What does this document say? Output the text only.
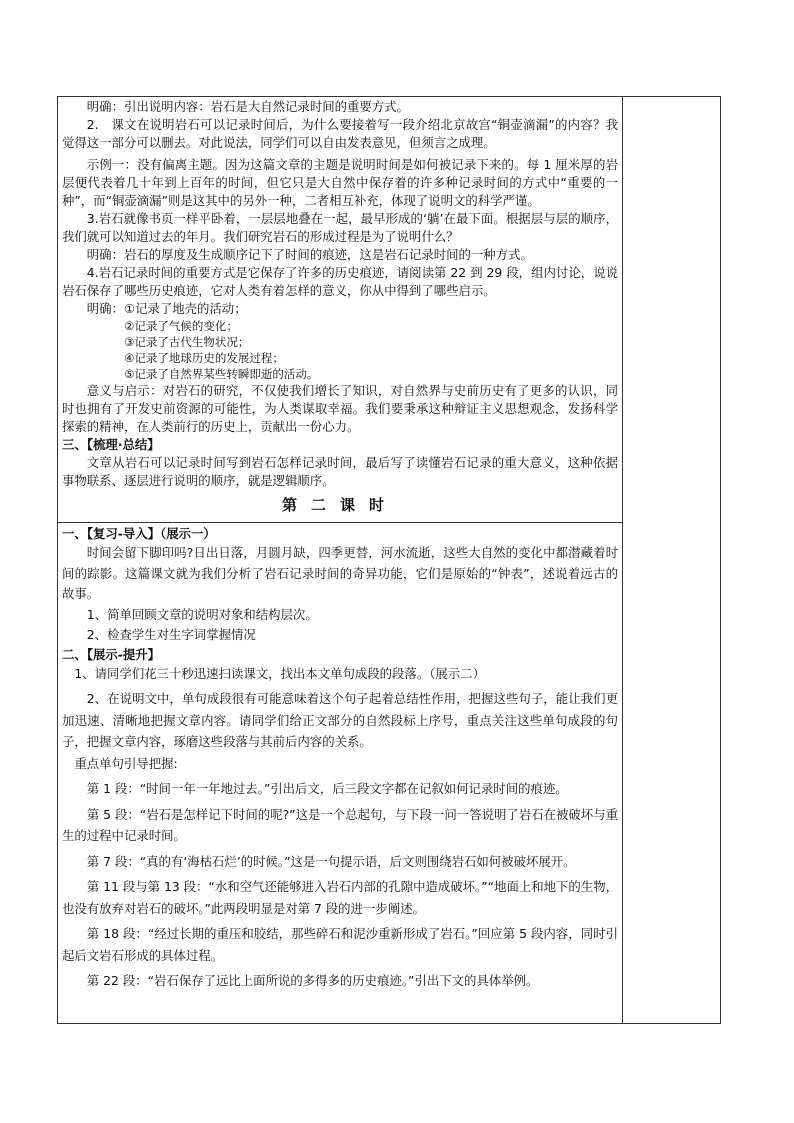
明确：引出说明内容：岩石是大自然记录时间的重要方式。

2.　课文在说明岩石可以记录时间后，为什么要接着写一段介绍北京故宫“铜壶滴漏”的内容？我觉得这一部分可以删去。对此说法，同学们可以自由发表意见，但须言之成理。

示例一：没有偏离主题。因为这篇文章的主题是说明时间是如何被记录下来的。每 1 厘米厚的岩层便代表着几十年到上百年的时间，但它只是大自然中保存着的许多种记录时间的方式中“重要的一种”，而“铜壶滴漏”则是这其中的另外一种，二者相互补充，体现了说明文的科学严谨。

3.岩石就像书页一样平卧着，一层层地叠在一起，最早形成的‘躺’在最下面。根据层与层的顺序，我们就可以知道过去的年月。我们研究岩石的形成过程是为了说明什么？

明确：岩石的厚度及生成顺序记下了时间的痕迹，这是岩石记录时间的一种方式。

4.岩石记录时间的重要方式是它保存了许多的历史痕迹，请阅读第 22 到 29 段，组内讨论，说说岩石保存了哪些历史痕迹，它对人类有着怎样的意义，你从中得到了哪些启示。

明确：①记录了地壳的活动；

②记录了气候的变化；

③记录了古代生物状况；

④记录了地球历史的发展过程；

⑤记录了自然界某些转瞬即逝的活动。

意义与启示：对岩石的研究，不仅使我们增长了知识，对自然界与史前历史有了更多的认识，同时也拥有了开发史前资源的可能性，为人类谋取幸福。我们要秉承这种辩证主义思想观念，发扬科学探索的精神，在人类前行的历史上，贡献出一份心力。

三、【梳理·总结】

文章从岩石可以记录时间写到岩石怎样记录时间，最后写了读懂岩石记录的重大意义，这种依据事物联系、逐层进行说明的顺序，就是逻辑顺序。

第二课时

一、【复习-导入】（展示一）

时间会留下脚印吗?日出日落，月圆月缺，四季更替，河水流逝，这些大自然的变化中都潜藏着时间的踪影。这篇课文就为我们分析了岩石记录时间的奇异功能，它们是原始的“钟表”，述说着远古的故事。

1、简单回顾文章的说明对象和结构层次。

2、检查学生对生字词掌握情况

二、【展示-提升】

1、请同学们花三十秒迅速扫读课文，找出本文单句成段的段落。（展示二）

2、在说明文中，单句成段很有可能意味着这个句子起着总结性作用，把握这些句子，能让我们更加迅速、清晰地把握文章内容。请同学们给正文部分的自然段标上序号，重点关注这些单句成段的句子，把握文章内容，琢磨这些段落与其前后内容的关系。

重点单句引导把握:

第 1 段：“时间一年一年地过去。”引出后文，后三段文字都在记叙如何记录时间的痕迹。

第 5 段：“岩石是怎样记下时间的呢?”这是一个总起句，与下段一问一答说明了岩石在被破坏与重生的过程中记录时间。

第 7 段：“真的有‘海枯石烂’的时候。”这是一句提示语，后文则围绕岩石如何被破坏展开。

第 11 段与第 13 段：“水和空气还能够进入岩石内部的孔隙中造成破坏。”“地面上和地下的生物，也没有放弃对岩石的破坏。”此两段明显是对第 7 段的进一步阐述。

第 18 段：“经过长期的重压和胶结，那些碎石和泥沙重新形成了岩石。”回应第 5 段内容，同时引起后文岩石形成的具体过程。

第 22 段：“岩石保存了远比上面所说的多得多的历史痕迹。”引出下文的具体举例。
